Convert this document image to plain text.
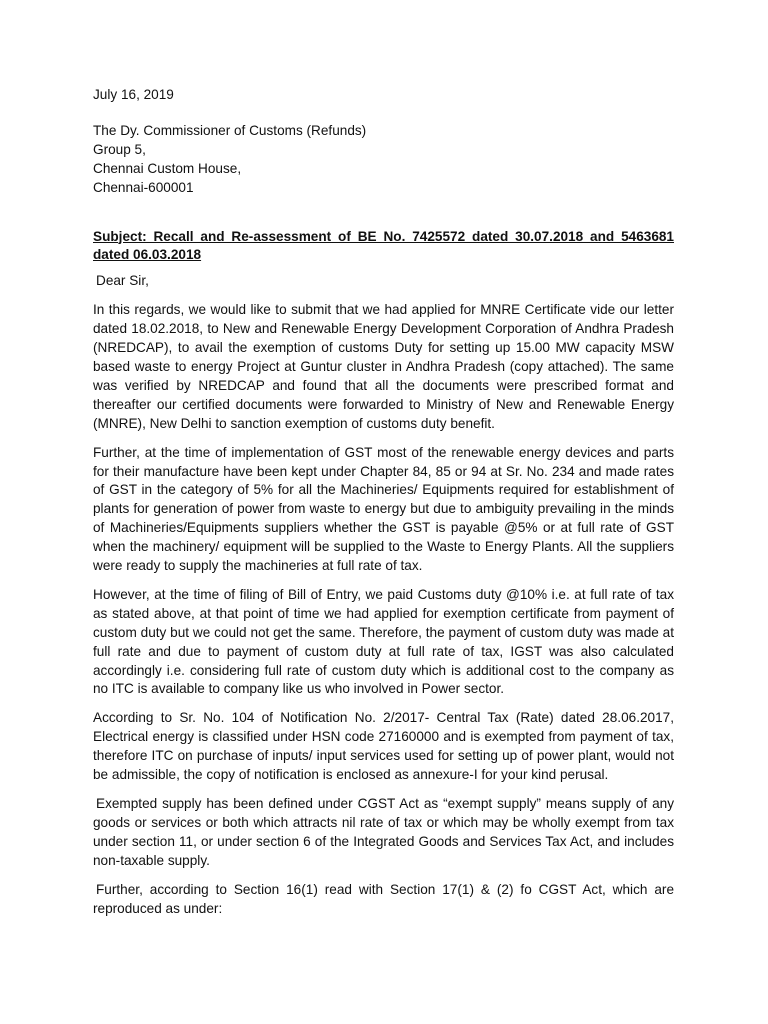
July 16, 2019
The Dy. Commissioner of Customs (Refunds)
Group 5,
Chennai Custom House,
Chennai-600001
Subject: Recall and Re-assessment of BE No. 7425572 dated 30.07.2018 and 5463681 dated 06.03.2018
Dear Sir,

In this regards, we would like to submit that we had applied for MNRE Certificate vide our letter dated 18.02.2018, to New and Renewable Energy Development Corporation of Andhra Pradesh (NREDCAP), to avail the exemption of customs Duty for setting up 15.00 MW capacity MSW based waste to energy Project at Guntur cluster in Andhra Pradesh (copy attached). The same was verified by NREDCAP and found that all the documents were prescribed format and thereafter our certified documents were forwarded to Ministry of New and Renewable Energy (MNRE), New Delhi to sanction exemption of customs duty benefit.

Further, at the time of implementation of GST most of the renewable energy devices and parts for their manufacture have been kept under Chapter 84, 85 or 94 at Sr. No. 234 and made rates of GST in the category of 5% for all the Machineries/ Equipments required for establishment of plants for generation of power from waste to energy but due to ambiguity prevailing in the minds of Machineries/Equipments suppliers whether the GST is payable @5% or at full rate of GST when the machinery/ equipment will be supplied to the Waste to Energy Plants. All the suppliers were ready to supply the machineries at full rate of tax.

However, at the time of filing of Bill of Entry, we paid Customs duty @10% i.e. at full rate of tax as stated above, at that point of time we had applied for exemption certificate from payment of custom duty but we could not get the same. Therefore, the payment of custom duty was made at full rate and due to payment of custom duty at full rate of tax, IGST was also calculated accordingly i.e. considering full rate of custom duty which is additional cost to the company as no ITC is available to company like us who involved in Power sector.

According to Sr. No. 104 of Notification No. 2/2017- Central Tax (Rate) dated 28.06.2017, Electrical energy is classified under HSN code 27160000 and is exempted from payment of tax, therefore ITC on purchase of inputs/ input services used for setting up of power plant, would not be admissible, the copy of notification is enclosed as annexure-I for your kind perusal.

Exempted supply has been defined under CGST Act as “exempt supply” means supply of any goods or services or both which attracts nil rate of tax or which may be wholly exempt from tax under section 11, or under section 6 of the Integrated Goods and Services Tax Act, and includes non-taxable supply.

Further, according to Section 16(1) read with Section 17(1) & (2) fo CGST Act, which are reproduced as under:
